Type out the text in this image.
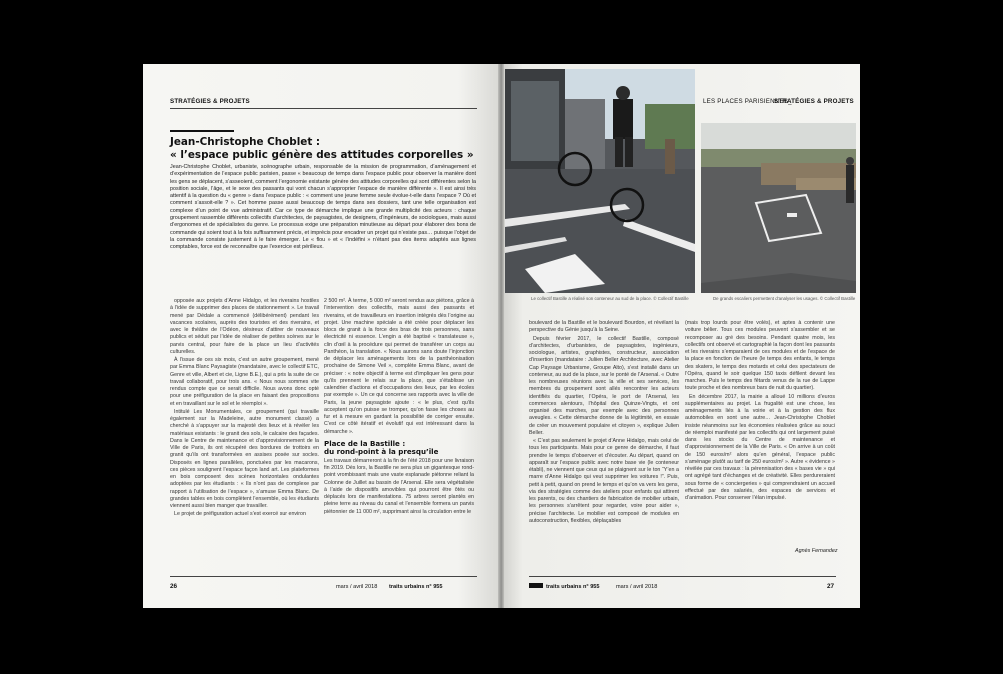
STRATÉGIES & PROJETS
Jean-Christophe Choblet :
« l’espace public génère des attitudes corporelles »

Jean-Christophe Choblet, urbaniste, scénographe urbain, responsable de la mission de programmation, d’aménagement et d’expérimentation de l’espace public parisien, passe « beaucoup de temps dans l’espace public pour observer la manière dont les gens se déplacent, s’asseoient, comment l’ergonomie existante génère des attitudes corporelles qui sont différentes selon la position sociale, l’âge, et le sexe des passants qui vont chacun s’approprier l’espace de manière différente ». Il est ainsi très attentif à la question du « genre » dans l’espace public : « comment une jeune femme seule évolue-t-elle dans l’espace ? Où et comment s’assoit-elle ? ». Cet homme passe aussi beaucoup de temps dans ses dossiers, tant une telle organisation est complexe d’un point de vue administratif. Car ce type de démarche implique une grande multiplicité des acteurs : chaque groupement rassemble différents collectifs d’architectes, de paysagistes, de designers, d’ingénieurs, de sociologues, mais aussi d’ergonomes et de spécialistes du genre. Le processus exige une préparation minutieuse au départ pour élaborer des bons de commande qui soient tout à la fois suffisamment précis, et imprécis pour encadrer un projet qui n’existe pas… puisque l’objet de la commande consiste justement à le faire émerger. Le « flou » et « l’indéfini » n’étant pas des items adaptés aux lignes comptables, force est de reconnaître que l’exercice est périlleux.

opposée aux projets d’Anne Hidalgo, et les riverains hostiles à l’idée de supprimer des places de stationnement ». Le travail mené par Dédale a commencé (délibérément) pendant les vacances scolaires, auprès des touristes et des riverains, et avec le théâtre de l’Odéon, désireux d’attirer de nouveaux publics et séduit par l’idée de réaliser de petites scènes sur le parvis central, pour faire de la place un lieu d’activités culturelles.

À l’issue de ces six mois, c’est un autre groupement, mené par Emma Blanc Paysagiste (mandataire, avec le collectif ETC, Genre et ville, Albert et cie, Ligne B.E.), qui a pris la suite de ce travail collaboratif, pour trois ans. « Nous nous sommes vite rendus compte que ce serait difficile. Nous avons donc opté pour une préfiguration de la place en faisant des propositions et en travaillant sur le sol et le réemploi ».

Intitulé Les Monumentales, ce groupement (qui travaille également sur la Madeleine, autre monument classé) a cherché à s’appuyer sur la majesté des lieux et à révéler les matériaux existants : le granit des sols, le calcaire des façades. Dans le Centre de maintenance et d’approvisionnement de la Ville de Paris, ils ont récupéré des bordures de trottoirs en granit qu’ils ont transformées en assises posée sur socles. Disposés en lignes parallèles, ponctuées par les macarons, ces pièces soulignent l’espace façon land art. Les plateformes en bois composent des scènes horizontales ondulantes adoptées par les étudiants : « Ils n’ont pas de complexe par rapport à l’utilisation de l’espace », s’amuse Emma Blanc. De grandes tables en bois complètent l’ensemble, où les étudiants viennent aussi bien manger que travailler.

Le projet de préfiguration actuel s’est exercé sur environ

2 500 m². À terme, 5 000 m² seront rendus aux piétons, grâce à l’intervention des collectifs, mais aussi des passants et riverains, et de travailleurs en insertion intégrés dès l’origine au projet. Une machine spéciale a été créée pour déplacer les blocs de granit à la force des bras de trois personnes, sans électricité ni essence. L’engin a été baptisé « translateuse », clin d’œil à la procédure qui permet de transférer un corps au Panthéon, la translation. « Nous aurons sans doute l’injonction de déplacer les aménagements lors de la panthéonisation prochaine de Simone Veil », complète Emma Blanc, avant de préciser : « notre objectif à terme est d’impliquer les gens pour qu’ils prennent le relais sur la place, que s’établisse un calendrier d’actions et d’occupations des lieux, par les écoles par exemple ». Un ce qui concerne ses rapports avec la ville de Paris, la jeune paysagiste ajoute : « le plus, c’est qu’ils acceptent qu’on puisse se tromper, qu’on fasse les choses au fur et à mesure en gardant la possibilité de corriger ensuite. C’est ce côté itératif et évolutif qui est intéressant dans la démarche ».

Place de la Bastille :
du rond-point à la presqu’île

Les travaux démarreront à la fin de l’été 2018 pour une livraison fin 2019. Dès lors, la Bastille ne sera plus un gigantesque rond-point vrombissant mais une vaste esplanade piétonne reliant la Colonne de Juillet au bassin de l’Arsenal. Elle sera végétalisée à l’aide de dispositifs amovibles qui pourront être ôtés ou déplacés lors de manifestations. 75 arbres seront plantés en pleine terre au niveau du canal et l’ensemble formera un parvis piétonnier de 11 000 m², supprimant ainsi la circulation entre le

26	mars / avril 2018 traits urbains n° 955
LES PLACES PARISIENNES_
STRATÉGIES & PROJETS
Le collectif Bastille a réalisé son conteneur au sud de la place. © Collectif Bastille	De grands escaliers permettent d’analyser les usages. © Collectif Bastille

boulevard de la Bastille et le boulevard Bourdon, et révélant la perspective du Génie jusqu’à la Seine.

Depuis février 2017, le collectif Bastille, composé d’architectes, d’urbanistes, de paysagistes, ingénieurs, sociologue, artistes, graphistes, constructeur, association d’insertion (mandataire : Juliien Beller Architecture, avec Atelier Cap Paysage Urbanisme, Groupe Alto), s’est installé dans un conteneur, au sud de la place, sur le ponté de l’Arsenal. « Outre les nombreuses réunions avec la ville et ses services, les membres du groupement sont allés rencontrer les acteurs identifiés du quartier, l’Opéra, le port de l’Arsenal, les commerces alentours, l’hôpital des Quinze-Vingts, et ont organisé des marches, par exemple avec des personnes aveugles. « Cette démarche donne de la légitimité, en essaie de créer un mouvement populaire et citoyen », explique Julien Beller.

« C’est pas seulement le projet d’Anne Hidalgo, mais celui de tous les participants. Mais pour ce genre de démarche, il faut prendre le temps d’observer et d’écouter. Au départ, quand on apparaît sur l’espace public avec notre base vie (le conteneur établi), ne viennent que ceux qui se plaignent sur le ton “Y’en a marre d’Anne Hidalgo qui veut supprimer les voitures !”. Puis, petit à petit, quand on prend le temps et qu’on va vers les gens, via des stratégies comme des ateliers pour enfants qui attirent les parents, ou des chantiers de fabrication de mobilier urbain, les personnes s’arrêtent pour regarder, voire pour aider », précise l’architecte. Le mobilier est composé de modules en autoconstruction, flexibles, déplaçables

(mais trop lourds pour être volés), et aptes à contenir une voiture bélier. Tous ces modules peuvent s’assembler et se recomposer au gré des besoins. Pendant quatre mois, les collectifs ont observé et cartographié la façon dont les passants et les riverains s’emparaient de ces modules et de l’espace de la place en fonction de l’heure (le temps des enfants, le temps des skaters, le temps des motards et celui des spectateurs de l’Opéra, quand le soir quelque 150 taxis défilent devant les marches. Puis le temps des fêtards venus de la rue de Lappe toute proche et des nombreux bars de nuit du quartier).

En décembre 2017, la mairie a alloué 10 millions d’euros supplémentaires au projet. La frugalité est une chose, les aménagements liés à la voirie et à la gestion des flux automobiles en sont une autre… Jean-Christophe Choblet insiste néanmoins sur les économies réalisées grâce au souci de réemploi manifesté par les collectifs qui ont largement puisé dans les stocks du Centre de maintenance et d’approvisionnement de la Ville de Paris. « On arrive à un coût de 150 euros/m² alors qu’en général, l’espace public s’aménage plutôt au tarif de 250 euros/m² ». Autre « évidence » révélée par ces travaux : la pérennisation des « bases vie » qui ont agrégé tant d’échanges et de créativité. Elles perdureraient sous forme de « conciergeries » qui comprendraient un accueil effectué par des salariés, des espaces de services et d’animation. Pour conserver l’élan impulsé.

Agnès Fernandez
traits urbains n° 955	mars / avril 2018	27
